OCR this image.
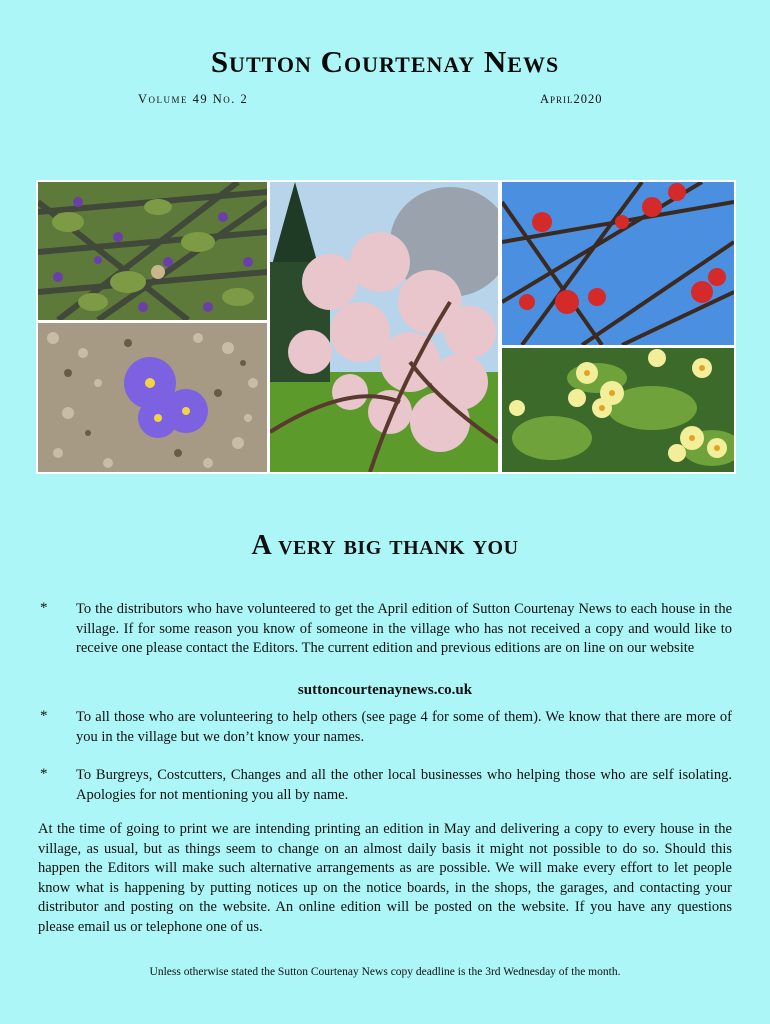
Sutton Courtenay News
Volume 49 No. 2	April2020
A very big thank you
* To the distributors who have volunteered to get the April edition of Sutton Courtenay News to each house in the village. If for some reason you know of someone in the village who has not received a copy and would like to receive one please contact the Editors. The current edition and previous editions are on line on our website
suttoncourtenaynews.co.uk
* To all those who are volunteering to help others (see page 4 for some of them). We know that there are more of you in the village but we don’t know your names.
* To Burgreys, Costcutters, Changes and all the other local businesses who helping those who are self isolating. Apologies for not mentioning you all by name.
At the time of going to print we are intending printing an edition in May and delivering a copy to every house in the village, as usual, but as things seem to change on an almost daily basis it might not possible to do so. Should this happen the Editors will make such alternative arrangements as are possible. We will make every effort to let people know what is happening by putting notices up on the notice boards, in the shops, the garages, and contacting your distributor and posting on the website. An online edition will be posted on the website. If you have any questions please email us or telephone one of us.
Unless otherwise stated the Sutton Courtenay News copy deadline is the 3rd Wednesday of the month.
